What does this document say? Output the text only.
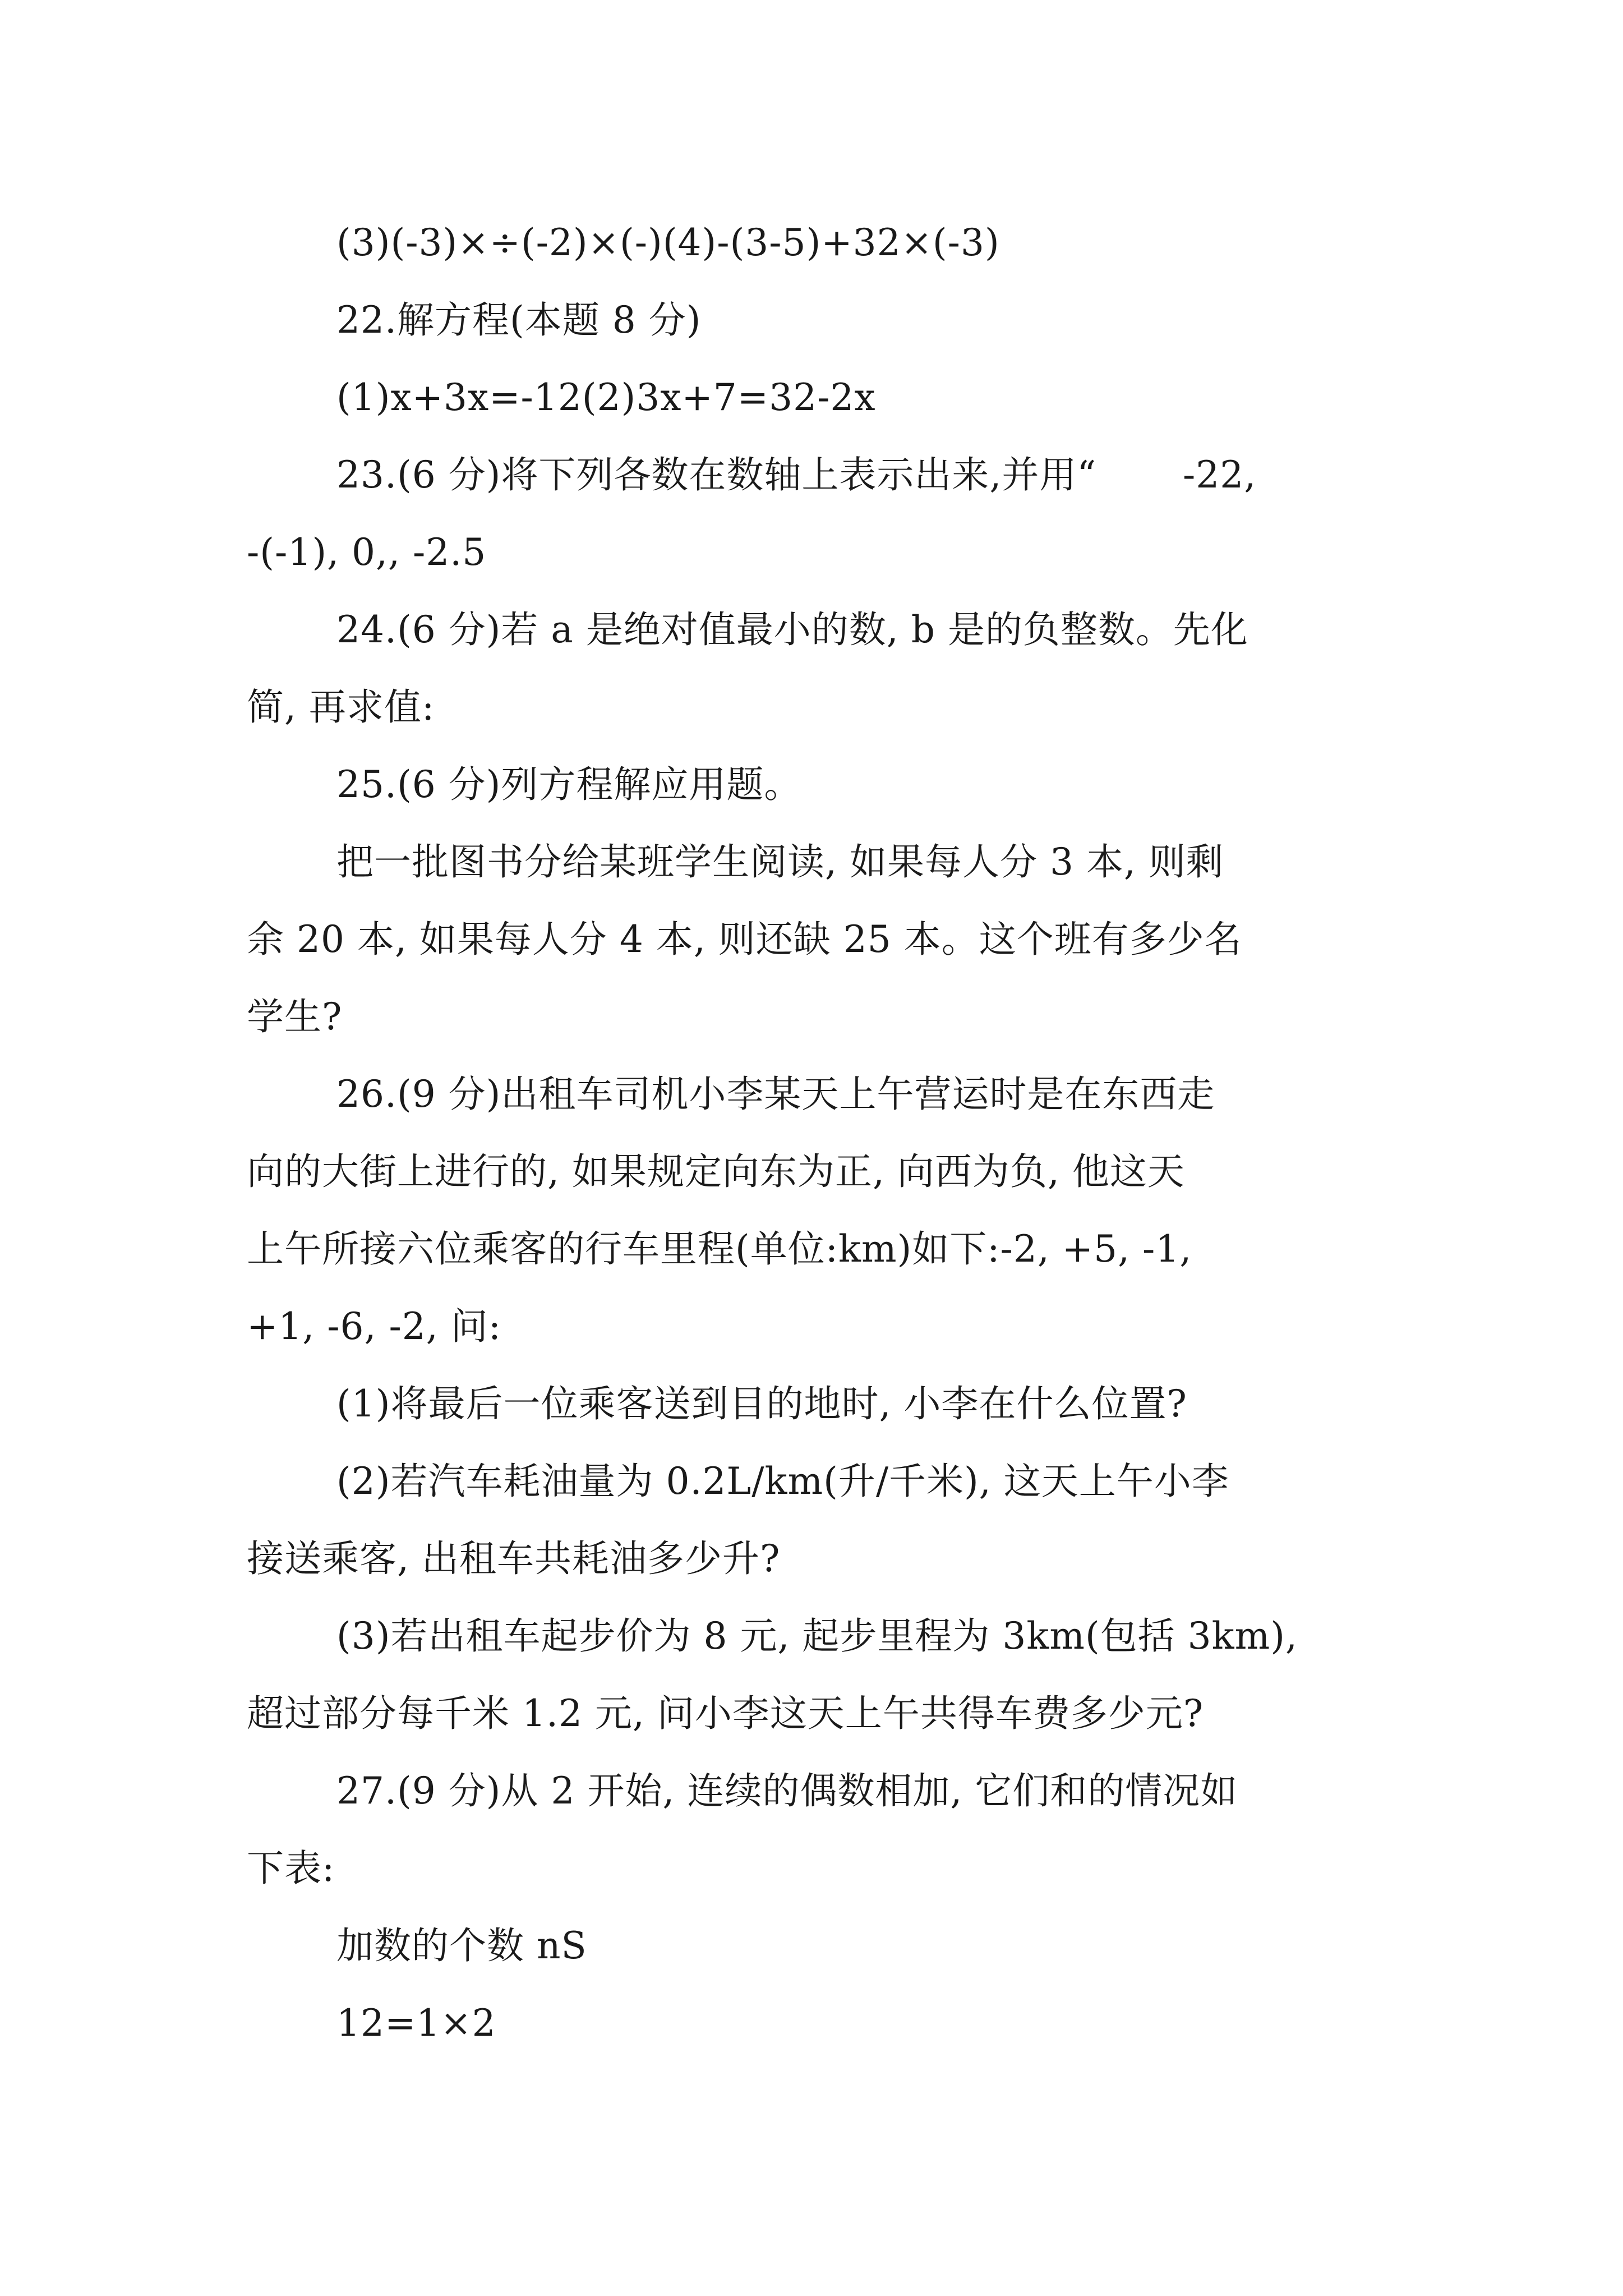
(3)(-3)×÷(-2)×(-)(4)-(3-5)+32×(-3)
22.解方程(本题 8 分)
(1)x+3x=-12(2)3x+7=32-2x
23.(6 分)将下列各数在数轴上表示出来,并用“       -22,
-(-1), 0,, -2.5
24.(6 分)若 a 是绝对值最小的数, b 是的负整数。先化
简, 再求值:
25.(6 分)列方程解应用题。
把一批图书分给某班学生阅读, 如果每人分 3 本, 则剩
余 20 本, 如果每人分 4 本, 则还缺 25 本。这个班有多少名
学生?
26.(9 分)出租车司机小李某天上午营运时是在东西走
向的大街上进行的, 如果规定向东为正, 向西为负, 他这天
上午所接六位乘客的行车里程(单位:km)如下:-2, +5, -1,
+1, -6, -2, 问:
(1)将最后一位乘客送到目的地时, 小李在什么位置?
(2)若汽车耗油量为 0.2L/km(升/千米), 这天上午小李
接送乘客, 出租车共耗油多少升?
(3)若出租车起步价为 8 元, 起步里程为 3km(包括 3km),
超过部分每千米 1.2 元, 问小李这天上午共得车费多少元?
27.(9 分)从 2 开始, 连续的偶数相加, 它们和的情况如
下表:
加数的个数 nS
12=1×2
